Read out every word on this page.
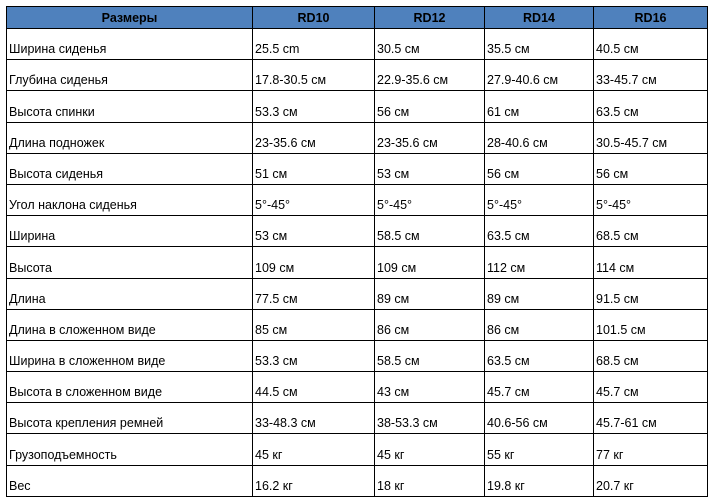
Размеры	RD10	RD12	RD14	RD16
Ширина сиденья	25.5 cm	30.5 см	35.5 см	40.5 см
Глубина сиденья	17.8-30.5 см	22.9-35.6 см	27.9-40.6 см	33-45.7 см
Высота спинки	53.3 см	56 см	61 см	63.5 см
Длина подножек	23-35.6 см	23-35.6 см	28-40.6 см	30.5-45.7 см
Высота сиденья	51 см	53 см	56 см	56 см
Угол наклона сиденья	5°-45°	5°-45°	5°-45°	5°-45°
Ширина	53 см	58.5 см	63.5 см	68.5 см
Высота	109 см	109 см	112 см	114 см
Длина	77.5 см	89 см	89 см	91.5 см
Длина в сложенном виде	85 см	86 см	86 см	101.5 см
Ширина в сложенном виде	53.3 см	58.5 см	63.5 см	68.5 см
Высота в сложенном виде	44.5 см	43 см	45.7 см	45.7 см
Высота крепления ремней	33-48.3 см	38-53.3 см	40.6-56 см	45.7-61 см
Грузоподъемность	45 кг	45 кг	55 кг	77 кг
Вес	16.2 кг	18 кг	19.8 кг	20.7 кг
